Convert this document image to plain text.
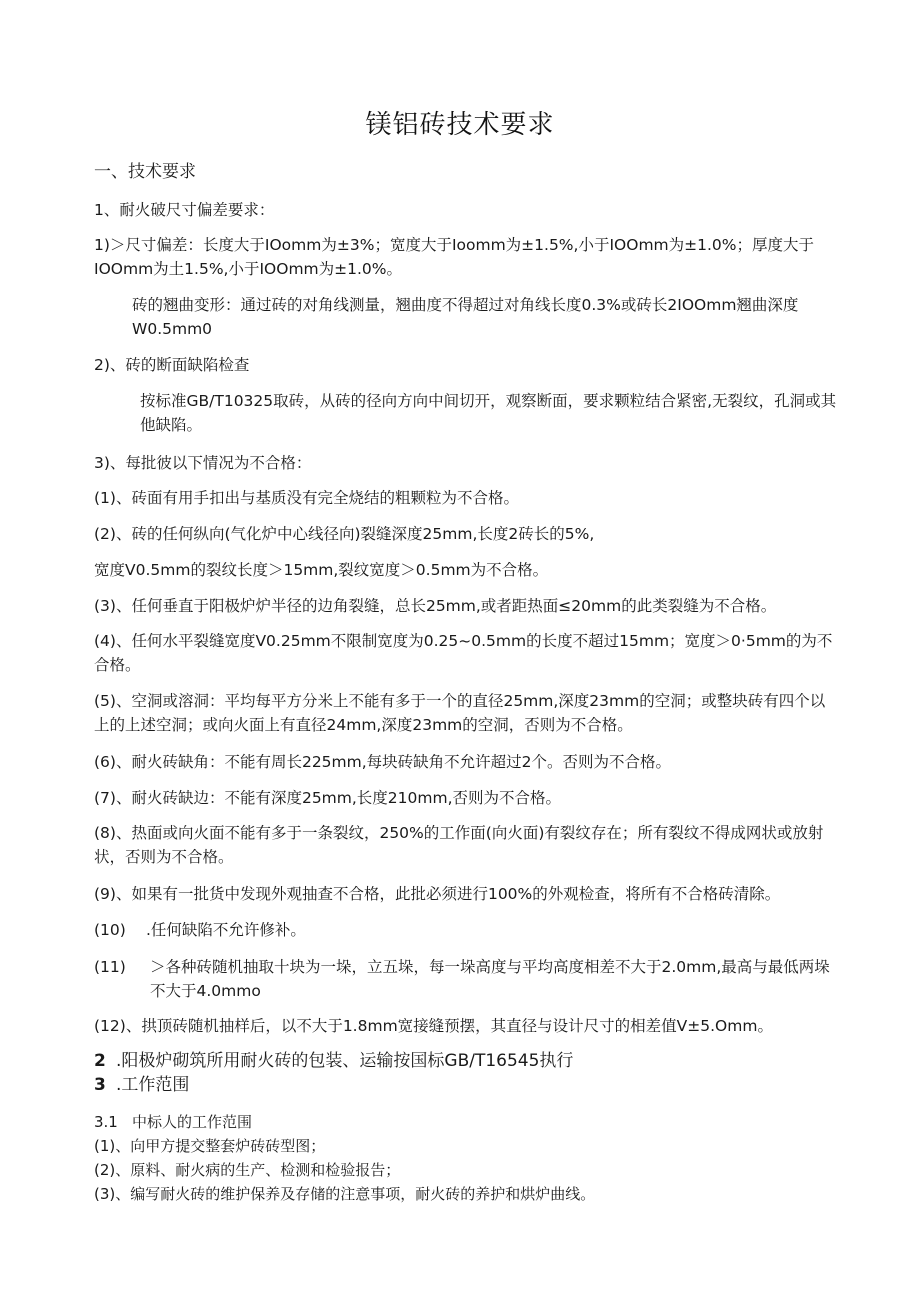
镁铝砖技术要求
一、技术要求
1、耐火破尺寸偏差要求：
1)＞尺寸偏差：长度大于IOomm为±3%；宽度大于Ioomm为±1.5%,小于IOOmm为±1.0%；厚度大于IOOmm为土1.5%,小于IOOmm为±1.0%。
砖的翘曲变形：通过砖的对角线测量，翘曲度不得超过对角线长度0.3%或砖长2IOOmm翘曲深度W0.5mm0
2)、砖的断面缺陷检查
按标准GB/T10325取砖，从砖的径向方向中间切开，观察断面，要求颗粒结合紧密,无裂纹，孔洞或其他缺陷。
3)、每批彼以下情况为不合格：
(1)、砖面有用手扣出与基质没有完全烧结的粗颗粒为不合格。
(2)、砖的任何纵向(气化炉中心线径向)裂缝深度25mm,长度2砖长的5%,
宽度V0.5mm的裂纹长度＞15mm,裂纹宽度＞0.5mm为不合格。
(3)、任何垂直于阳极炉炉半径的边角裂缝，总长25mm,或者距热面≤20mm的此类裂缝为不合格。
(4)、任何水平裂缝宽度V0.25mm不限制宽度为0.25~0.5mm的长度不超过15mm；宽度＞0·5mm的为不合格。
(5)、空洞或溶洞：平均每平方分米上不能有多于一个的直径25mm,深度23mm的空洞；或整块砖有四个以上的上述空洞；或向火面上有直径24mm,深度23mm的空洞，否则为不合格。
(6)、耐火砖缺角：不能有周长225mm,每块砖缺角不允许超过2个。否则为不合格。
(7)、耐火砖缺边：不能有深度25mm,长度210mm,否则为不合格。
(8)、热面或向火面不能有多于一条裂纹，250%的工作面(向火面)有裂纹存在；所有裂纹不得成网状或放射状，否则为不合格。
(9)、如果有一批货中发现外观抽查不合格，此批必须进行100%的外观检查，将所有不合格砖清除。
(10) .任何缺陷不允许修补。
(11) ＞各种砖随机抽取十块为一垛，立五垛，每一垛高度与平均高度相差不大于2.0mm,最高与最低两垛不大于4.0mmo
(12)、拱顶砖随机抽样后，以不大于1.8mm宽接缝预摆，其直径与设计尺寸的相差值V±5.Omm。
2 .阳极炉砌筑所用耐火砖的包装、运输按国标GB/T16545执行
3 .工作范围
3.1 中标人的工作范围
(1)、向甲方提交整套炉砖砖型图；
(2)、原料、耐火病的生产、检测和检验报告；
(3)、编写耐火砖的维护保养及存储的注意事项，耐火砖的养护和烘炉曲线。
